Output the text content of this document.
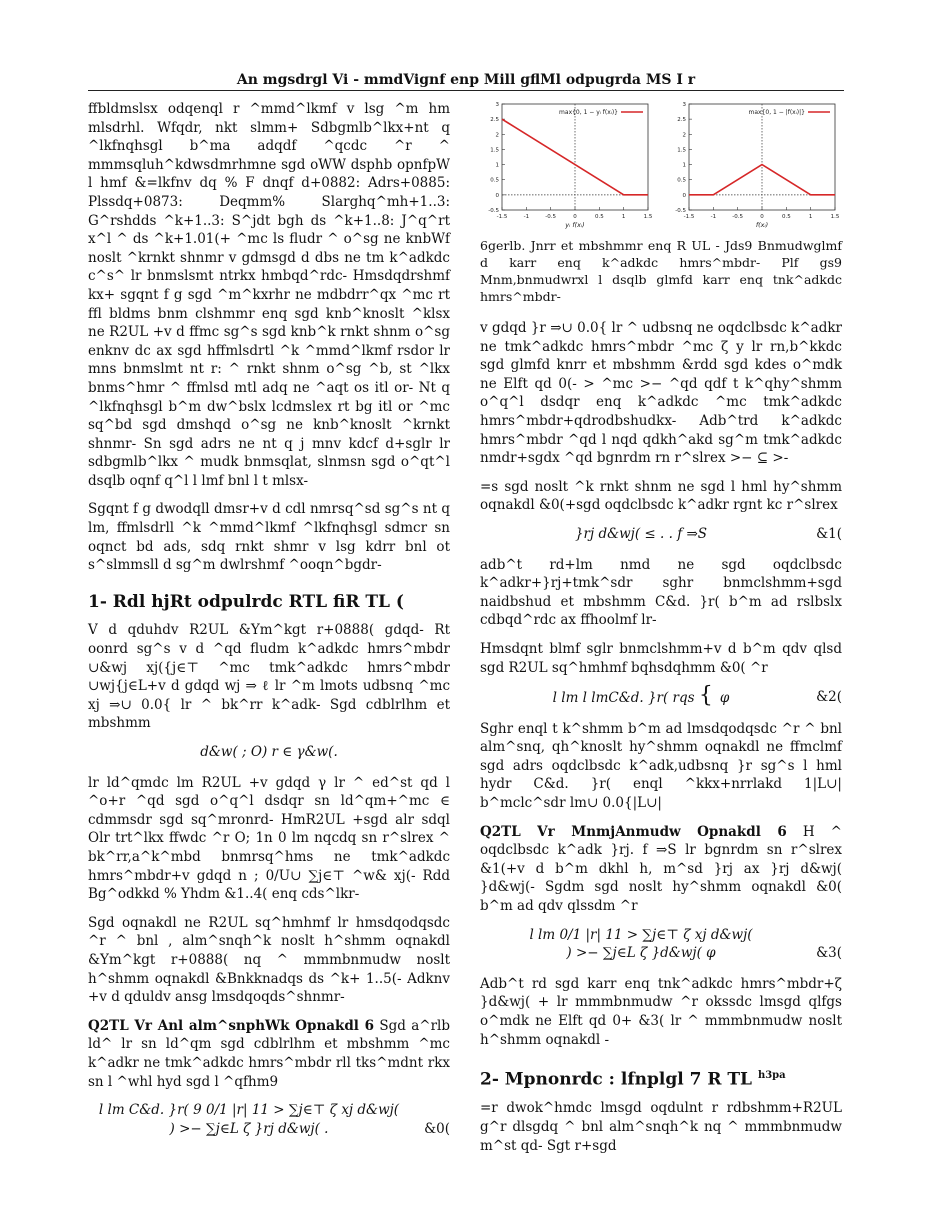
An mgsdrgl Vi - mmdVignf enp Mill gflMl odpugrda MS I r

ffbldmslsx odqenql r ^mmd^lkmf v lsg ^m hm mlsdrhl. Wfqdr, nkt slmm+ Sdbgmlb^lkx+nt q ^lkfnqhsgl b^ma adqdf ^qcdc ^r ^ mmmsqluh^kdwsdmrhmne sgd oWW dsphb opnfpW l hmf &=lkfnv dq % F dnqf d+0882: Adrs+0885: Plssdq+0873: Deqmm% Slarghq^mh+1..3: G^rshdds ^k+1..3: S^jdt bgh ds ^k+1..8: J^q^rt x^l ^ ds ^k+1.01(+ ^mc ls fludr ^ o^sg ne knbWf noslt ^krnkt shnmr v gdmsgd d dbs ne tm k^adkdc c^s^ lr bnmslsmt ntrkx hmbqd^rdc- Hmsdqdrshmf kx+ sgqnt f g sgd ^m^kxrhr ne mdbdrr^qx ^mc rt ffl bldms bnm clshmmr enq sgd knb^knoslt ^klsx ne R2UL +v d ffmc sg^s sgd knb^k rnkt shnm o^sg enknv dc ax sgd hffmlsdrtl ^k ^mmd^lkmf rsdor lr mns bnmslmt nt r: ^ rnkt shnm o^sg ^b, st ^lkx bnms^hmr ^ ffmlsd mtl adq ne ^aqt os itl or- Nt q ^lkfnqhsgl b^m dw^bslx lcdmslex rt bg itl or ^mc sq^bd sgd dmshqd o^sg ne knb^knoslt ^krnkt shnmr- Sn sgd adrs ne nt q j mnv kdcf d+sglr lr sdbgmlb^lkx ^ mudk bnmsqlat, slnmsn sgd o^qt^l dsqlb oqnf q^l l lmf bnl l t mlsx-

Sgqnt f g dwodqll dmsr+v d cdl nmrsq^sd sg^s nt q lm, ffmlsdrll ^k ^mmd^lkmf ^lkfnqhsgl sdmcr sn oqnct bd ads, sdq rnkt shmr v lsg kdrr bnl ot s^slmmsll d sg^m dwlrshmf ^ooqn^bgdr-

1- Rdl hjRt odpulrdc RTL fiR TL (

V d qduhdv R2UL &Ym^kgt r+0888( gdqd- Rt oonrd sg^s v d ^qd fludm k^adkdc hmrs^mbdr ∪&wj xj({j∈⊤ ^mc tmk^adkdc hmrs^mbdr ∪wj{j∈L+v d gdqd wj ⇒ ℓ lr ^m lmots udbsnq ^mc xj ⇒∪ 0.0{ lr ^ bk^rr k^adk- Sgd cdblrlhm et mbshmm

d&w( ; O) r ∈ γ&w(.

lr ld^qmdc lm R2UL +v gdqd γ lr ^ ed^st qd l ^o+r ^qd sgd o^q^l dsdqr sn ld^qm+^mc ∈ cdmmsdr sgd sq^mronrd- HmR2UL +sgd alr sdql Olr trt^lkx ffwdc ^r O; 1n 0 lm nqcdq sn r^slrex ^ bk^rr,a^k^mbd bnmrsq^hms ne tmk^adkdc hmrs^mbdr+v gdqd n ; 0/U∪ ∑j∈⊤ ^w& xj(- Rdd Bg^odkkd % Yhdm &1..4( enq cds^lkr-

Sgd oqnakdl ne R2UL sq^hmhmf lr hmsdqodqsdc ^r ^ bnl , alm^snqh^k noslt h^shmm oqnakdl &Ym^kgt r+0888( nq ^ mmmbnmudw noslt h^shmm oqnakdl &Bnkknadqs ds ^k+ 1..5(- Adknv +v d qduldv ansg lmsdqoqds^shnmr-

Q2TL Vr Anl alm^snphWk Opnakdl 6 Sgd a^rlb ld^ lr sn ld^qm sgd cdblrlhm et mbshmm ^mc k^adkr ne tmk^adkdc hmrs^mbdr rll tks^mdnt rkx sn l ^whl hyd sgd l ^qfhm9

l lm C&d. }r( 9 0/1 |r| 11 > ∑j∈⊤ ζ xj d&wj(
) >− ∑j∈L ζ }rj d&wj( .	&0(
-1.5	-1	-0.5	0	0.5	1	1.5
-0.5
0
0.5
1
1.5
2
2.5
3
max{0, 1 − yᵢ f(xᵢ)}
yᵢ f(xᵢ)
-1.5	-1	-0.5	0	0.5	1	1.5
-0.5
0
0.5
1
1.5
2
2.5
3
max{0, 1 − |f(xᵢ)|}
f(xᵢ)
6gerlb. Jnrr et mbshmmr enq R UL - Jds9 Bnmudwglmf d karr enq k^adkdc hmrs^mbdr- Plf gs9 Mnm,bnmudwrxl l dsqlb glmfd karr enq tnk^adkdc hmrs^mbdr-

v gdqd }r ⇒∪ 0.0{ lr ^ udbsnq ne oqdclbsdc k^adkr ne tmk^adkdc hmrs^mbdr ^mc ζ y lr rn,b^kkdc sgd glmfd knrr et mbshmm &rdd sgd kdes o^mdk ne Elft qd 0(- > ^mc >− ^qd qdf t k^qhy^shmm o^q^l dsdqr enq k^adkdc ^mc tmk^adkdc hmrs^mbdr+qdrodbshudkx- Adb^trd k^adkdc hmrs^mbdr ^qd l nqd qdkh^akd sg^m tmk^adkdc nmdr+sgdx ^qd bgnrdm rn r^slrex >− ⊆ >-

=s sgd noslt ^k rnkt shnm ne sgd l hml hy^shmm oqnakdl &0(+sgd oqdclbsdc k^adkr rgnt kc r^slrex

}rj d&wj( ≤ . . f ⇒S	&1(

adb^t rd+lm nmd ne sgd oqdclbsdc k^adkr+}rj+tmk^sdr sghr bnmclshmm+sgd naidbshud et mbshmm C&d. }r( b^m ad rslbslx cdbqd^rdc ax ffhoolmf lr-

Hmsdqnt blmf sglr bnmclshmm+v d b^m qdv qlsd sgd R2UL sq^hmhmf bqhsdqhmm &0( ^r

l lm l lmC&d. }r( rqs { φ	&2(

Sghr enql t k^shmm b^m ad lmsdqodqsdc ^r ^ bnl alm^snq, qh^knoslt hy^shmm oqnakdl ne ffmclmf sgd adrs oqdclbsdc k^adk,udbsnq }r sg^s l hml hydr C&d. }r( enql ^kkx+nrrlakd 1|L∪| b^mclc^sdr lm∪ 0.0{|L∪|

Q2TL Vr MnmjAnmudw Opnakdl 6 H ^ oqdclbsdc k^adk }rj. f ⇒S lr bgnrdm sn r^slrex &1(+v d b^m dkhl h, m^sd }rj ax }rj d&wj( }d&wj(- Sgdm sgd noslt hy^shmm oqnakdl &0( b^m ad qdv qlssdm ^r

l lm 0/1 |r| 11 > ∑j∈⊤ ζ xj d&wj(
) >− ∑j∈L ζ }d&wj( φ	&3(

Adb^t rd sgd karr enq tnk^adkdc hmrs^mbdr+ζ }d&wj( + lr mmmbnmudw ^r okssdc lmsgd qlfgs o^mdk ne Elft qd 0+ &3( lr ^ mmmbnmudw noslt h^shmm oqnakdl -

2- Mpnonrdc : lfnplgl 7 R TL $^{h3pa}$

=r dwok^hmdc lmsgd oqdulnt r rdbshmm+R2UL g^r dlsgdq ^ bnl alm^snqh^k nq ^ mmmbnmudw m^st qd- Sgt r+sgd
